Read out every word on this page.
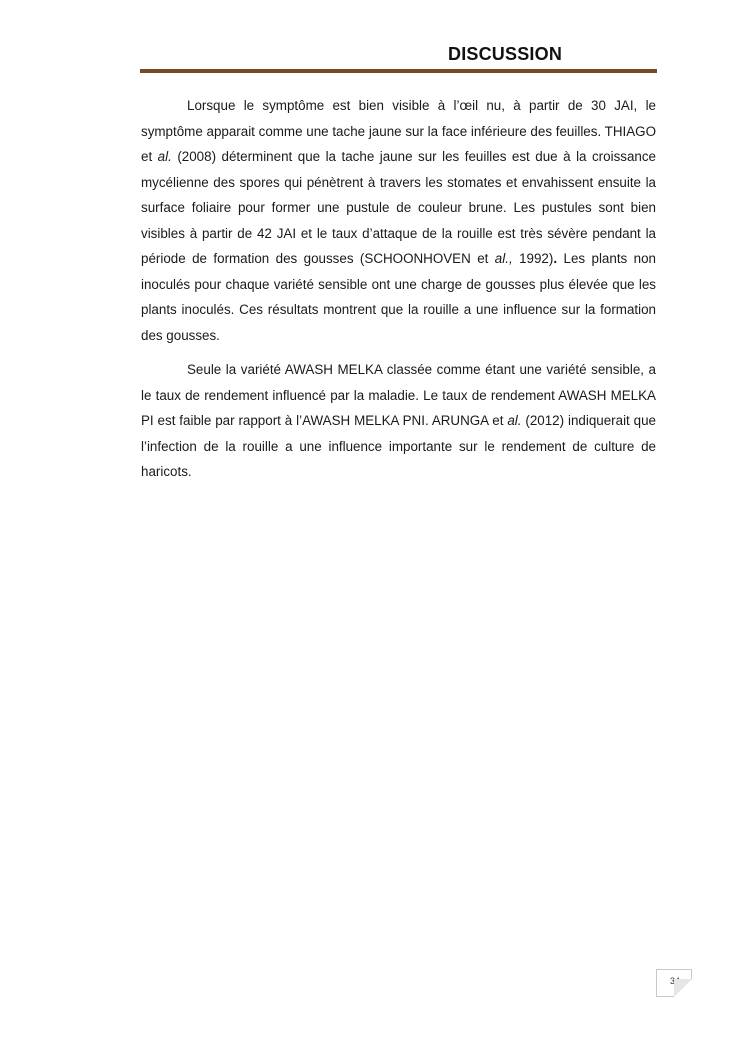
DISCUSSION

Lorsque le symptôme est bien visible à l’œil nu, à partir de 30 JAI, le symptôme apparait comme une tache jaune sur la face inférieure des feuilles. THIAGO et al. (2008) déterminent que la tache jaune sur les feuilles est due à la croissance mycélienne des spores qui pénètrent à travers les stomates et envahissent ensuite la surface foliaire pour former une pustule de couleur brune. Les pustules sont bien visibles à partir de 42 JAI et le taux d’attaque de la rouille est très sévère pendant la période de formation des gousses (SCHOONHOVEN et al., 1992). Les plants non inoculés pour chaque variété sensible ont une charge de gousses plus élevée que les plants inoculés. Ces résultats montrent que la rouille a une influence sur la formation des gousses.

Seule la variété AWASH MELKA classée comme étant une variété sensible, a le taux de rendement influencé par la maladie. Le taux de rendement AWASH MELKA PI est faible par rapport à l’AWASH MELKA PNI. ARUNGA et al. (2012) indiquerait que l’infection de la rouille a une influence importante sur le rendement de culture de haricots.

34
